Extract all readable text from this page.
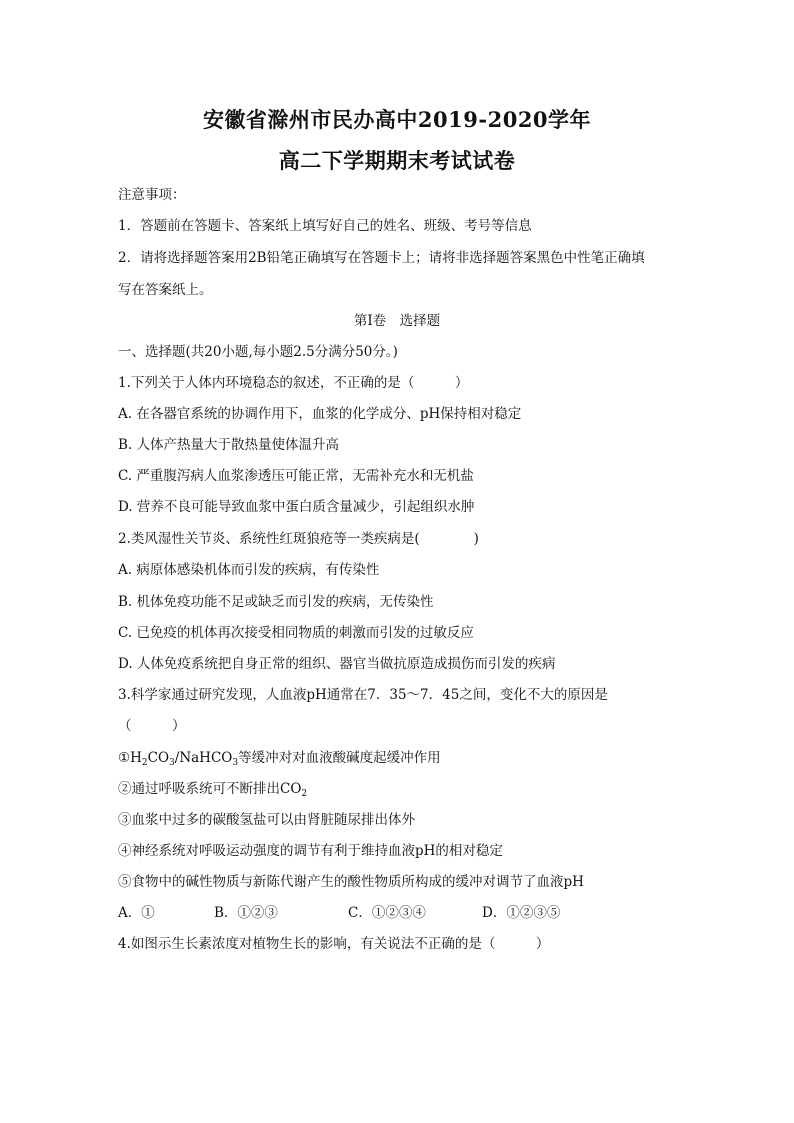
安徽省滁州市民办高中2019-2020学年
高二下学期期末考试试卷
注意事项：
1．答题前在答题卡、答案纸上填写好自己的姓名、班级、考号等信息
2．请将选择题答案用2B铅笔正确填写在答题卡上；请将非选择题答案黑色中性笔正确填
写在答案纸上。
第I卷　选择题
一、选择题(共20小题,每小题2.5分满分50分。)
1.下列关于人体内环境稳态的叙述，不正确的是（　　　）
A. 在各器官系统的协调作用下，血浆的化学成分、pH保持相对稳定
B. 人体产热量大于散热量使体温升高
C. 严重腹泻病人血浆渗透压可能正常，无需补充水和无机盐
D. 营养不良可能导致血浆中蛋白质含量减少，引起组织水肿
2.类风湿性关节炎、系统性红斑狼疮等一类疾病是(　　　　)
A. 病原体感染机体而引发的疾病，有传染性
B. 机体免疫功能不足或缺乏而引发的疾病，无传染性
C. 已免疫的机体再次接受相同物质的刺激而引发的过敏反应
D. 人体免疫系统把自身正常的组织、器官当做抗原造成损伤而引发的疾病
3.科学家通过研究发现，人血液pH通常在7．35～7．45之间，变化不大的原因是
（　　　）
$①H_2CO_3/NaHCO_3$等缓冲对对血液酸碱度起缓冲作用
②通过呼吸系统可不断排出$CO_2$
③血浆中过多的碳酸氢盐可以由肾脏随尿排出体外
④神经系统对呼吸运动强度的调节有利于维持血液pH的相对稳定
⑤食物中的碱性物质与新陈代谢产生的酸性物质所构成的缓冲对调节了血液pH
A．①	B．①②③	C．①②③④	D．①②③⑤
4.如图示生长素浓度对植物生长的影响，有关说法不正确的是（　　　）
